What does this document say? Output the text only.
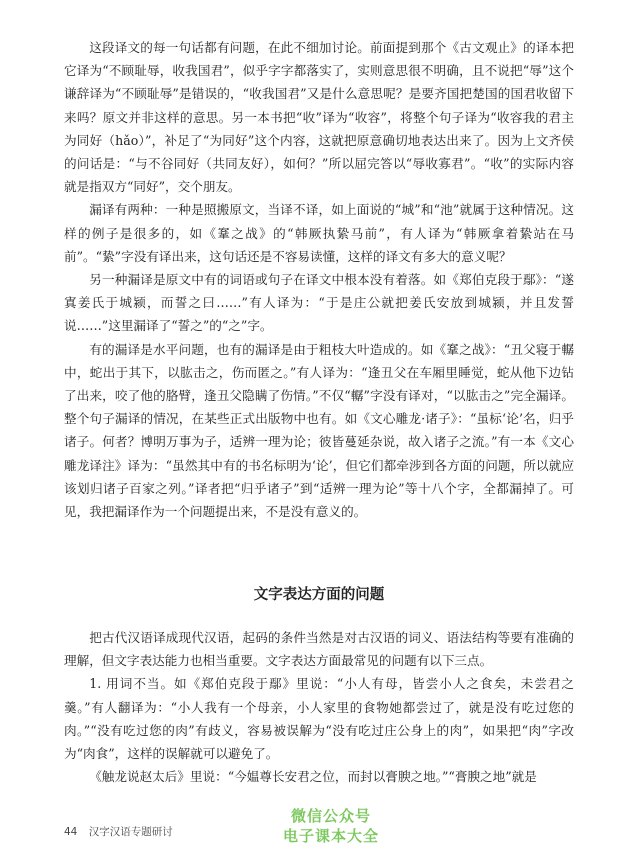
这段译文的每一句话都有问题，在此不细加讨论。前面提到那个《古文观止》的译本把它译为“不顾耻辱，收我国君”，似乎字字都落实了，实则意思很不明确，且不说把“辱”这个谦辞译为“不顾耻辱”是错误的，“收我国君”又是什么意思呢？是要齐国把楚国的国君收留下来吗？原文并非这样的意思。另一本书把“收”译为“收容”，将整个句子译为“收容我的君主为同好（hǎo）”，补足了“为同好”这个内容，这就把原意确切地表达出来了。因为上文齐侯的问话是：“与不谷同好（共同友好），如何？”所以屈完答以“辱收寡君”。“收”的实际内容就是指双方“同好”，交个朋友。

漏译有两种：一种是照搬原文，当译不译，如上面说的“城”和“池”就属于这种情况。这样的例子是很多的，如《鞌之战》的“韩厥执絷马前”，有人译为“韩厥拿着絷站在马前”。“絷”字没有译出来，这句话还是不容易读懂，这样的译文有多大的意义呢？

另一种漏译是原文中有的词语或句子在译文中根本没有着落。如《郑伯克段于鄢》：“遂寘姜氏于城颍，而誓之曰……”有人译为：“于是庄公就把姜氏安放到城颍，并且发誓说……”这里漏译了“誓之”的“之”字。

有的漏译是水平问题，也有的漏译是由于粗枝大叶造成的。如《鞌之战》：“丑父寝于轏中，蛇出于其下，以肱击之，伤而匿之。”有人译为：“逢丑父在车厢里睡觉，蛇从他下边钻了出来，咬了他的胳臂，逢丑父隐瞒了伤情。”不仅“轏”字没有译对，“以肱击之”完全漏译。整个句子漏译的情况，在某些正式出版物中也有。如《文心雕龙·诸子》：“虽标‘论’名，归乎诸子。何者？博明万事为子，适辨一理为论；彼皆蔓延杂说，故入诸子之流。”有一本《文心雕龙译注》译为：“虽然其中有的书名标明为‘论’，但它们都牵涉到各方面的问题，所以就应该划归诸子百家之列。”译者把“归乎诸子”到“适辨一理为论”等十八个字，全都漏掉了。可见，我把漏译作为一个问题提出来，不是没有意义的。

文字表达方面的问题

把古代汉语译成现代汉语，起码的条件当然是对古汉语的词义、语法结构等要有准确的理解，但文字表达能力也相当重要。文字表达方面最常见的问题有以下三点。

1. 用词不当。如《郑伯克段于鄢》里说：“小人有母，皆尝小人之食矣，未尝君之羹。”有人翻译为：“小人我有一个母亲，小人家里的食物她都尝过了，就是没有吃过您的肉。”“没有吃过您的肉”有歧义，容易被误解为“没有吃过庄公身上的肉”，如果把“肉”字改为“肉食”，这样的误解就可以避免了。

《触龙说赵太后》里说：“今媪尊长安君之位，而封以膏腴之地。”“膏腴之地”就是

44 汉字汉语专题研讨
微信公众号
电子课本大全
